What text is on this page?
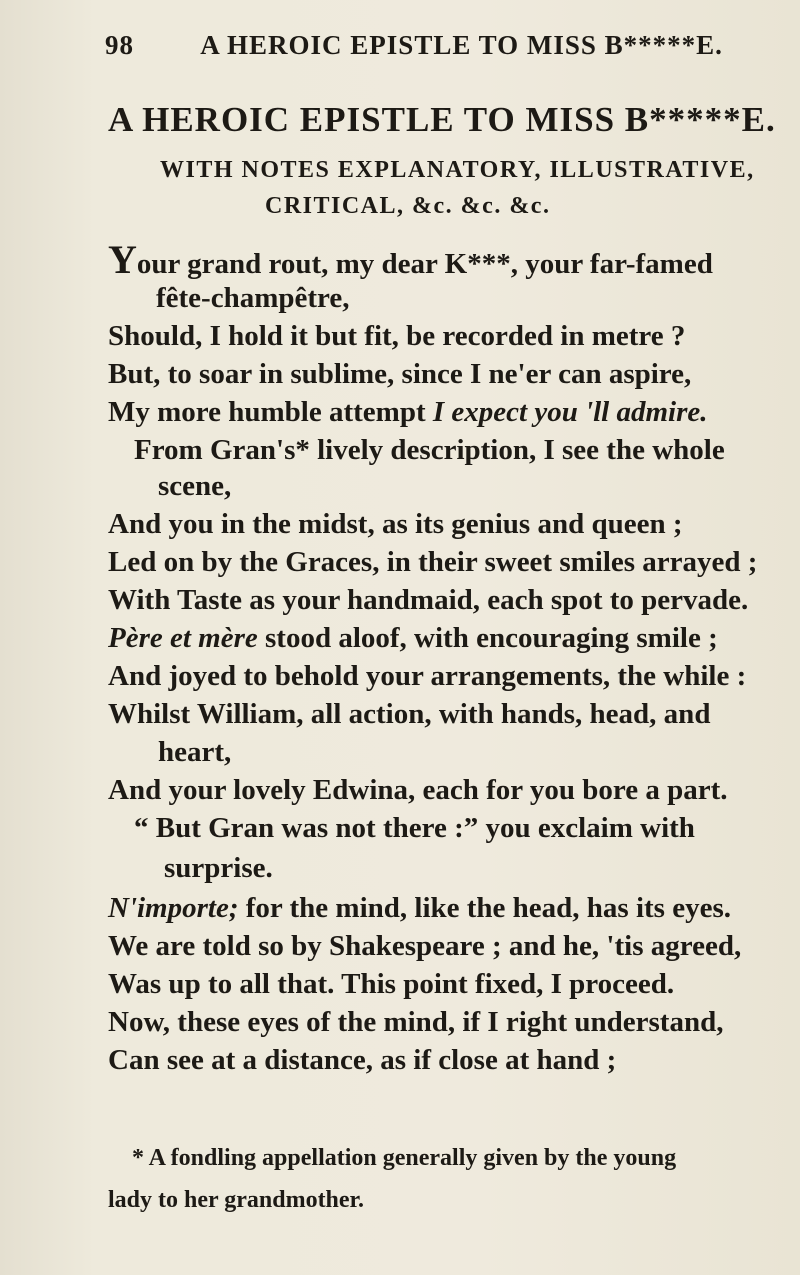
98 A HEROIC EPISTLE TO MISS B*****E.
A HEROIC EPISTLE TO MISS B*****E.
WITH NOTES EXPLANATORY, ILLUSTRATIVE,
CRITICAL, &c. &c. &c.
Your grand rout, my dear K***, your far-famed
fête-champêtre,
Should, I hold it but fit, be recorded in metre ?
But, to soar in sublime, since I ne'er can aspire,
My more humble attempt I expect you 'll admire.
From Gran's* lively description, I see the whole
scene,
And you in the midst, as its genius and queen ;
Led on by the Graces, in their sweet smiles arrayed ;
With Taste as your handmaid, each spot to pervade.
Père et mère stood aloof, with encouraging smile ;
And joyed to behold your arrangements, the while :
Whilst William, all action, with hands, head, and
heart,
And your lovely Edwina, each for you bore a part.
“ But Gran was not there :” you exclaim with
surprise.
N'importe; for the mind, like the head, has its eyes.
We are told so by Shakespeare ; and he, 'tis agreed,
Was up to all that. This point fixed, I proceed.
Now, these eyes of the mind, if I right understand,
Can see at a distance, as if close at hand ;
* A fondling appellation generally given by the young
lady to her grandmother.
